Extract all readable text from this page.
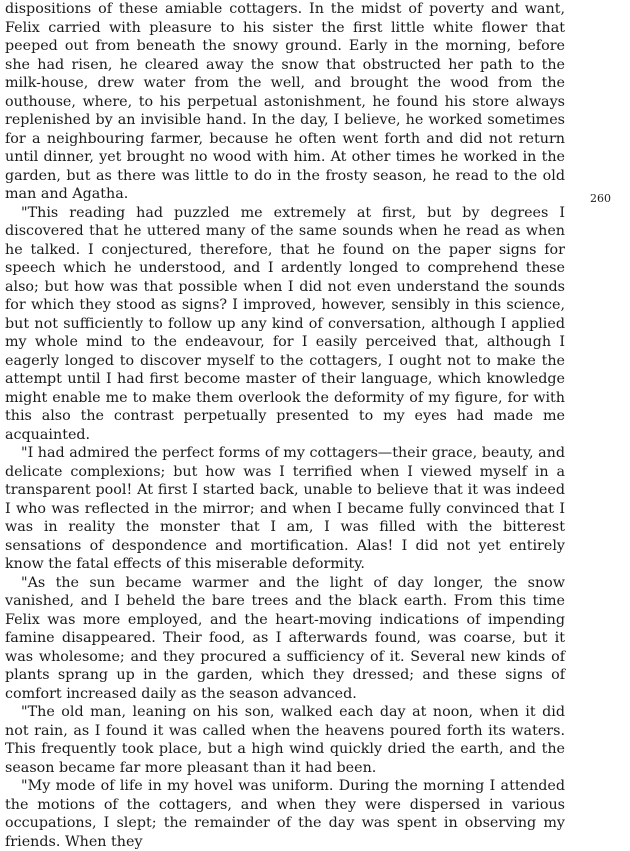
dispositions of these amiable cottagers. In the midst of poverty and want, Felix carried with pleasure to his sister the first little white flower that peeped out from beneath the snowy ground. Early in the morning, before she had risen, he cleared away the snow that obstructed her path to the milk-house, drew water from the well, and brought the wood from the outhouse, where, to his perpetual astonishment, he found his store always replenished by an invisible hand. In the day, I believe, he worked sometimes for a neighbouring farmer, because he often went forth and did not return until dinner, yet brought no wood with him. At other times he worked in the garden, but as there was little to do in the frosty season, he read to the old man and Agatha.

"This reading had puzzled me extremely at first, but by degrees I discovered that he uttered many of the same sounds when he read as when he talked. I conjectured, therefore, that he found on the paper signs for speech which he understood, and I ardently longed to comprehend these also; but how was that possible when I did not even understand the sounds for which they stood as signs? I improved, however, sensibly in this science, but not sufficiently to follow up any kind of conversation, although I applied my whole mind to the endeavour, for I easily perceived that, although I eagerly longed to discover myself to the cottagers, I ought not to make the attempt until I had first become master of their language, which knowledge might enable me to make them overlook the deformity of my figure, for with this also the contrast perpetually presented to my eyes had made me acquainted.

"I had admired the perfect forms of my cottagers—their grace, beauty, and delicate complexions; but how was I terrified when I viewed myself in a transparent pool! At first I started back, unable to believe that it was indeed I who was reflected in the mirror; and when I became fully convinced that I was in reality the monster that I am, I was filled with the bitterest sensations of despondence and mortification. Alas! I did not yet entirely know the fatal effects of this miserable deformity.

"As the sun became warmer and the light of day longer, the snow vanished, and I beheld the bare trees and the black earth. From this time Felix was more employed, and the heart-moving indications of impending famine disappeared. Their food, as I afterwards found, was coarse, but it was wholesome; and they procured a sufficiency of it. Several new kinds of plants sprang up in the garden, which they dressed; and these signs of comfort increased daily as the season advanced.

"The old man, leaning on his son, walked each day at noon, when it did not rain, as I found it was called when the heavens poured forth its waters. This frequently took place, but a high wind quickly dried the earth, and the season became far more pleasant than it had been.

"My mode of life in my hovel was uniform. During the morning I attended the motions of the cottagers, and when they were dispersed in various occupations, I slept; the remainder of the day was spent in observing my friends. When they

260
